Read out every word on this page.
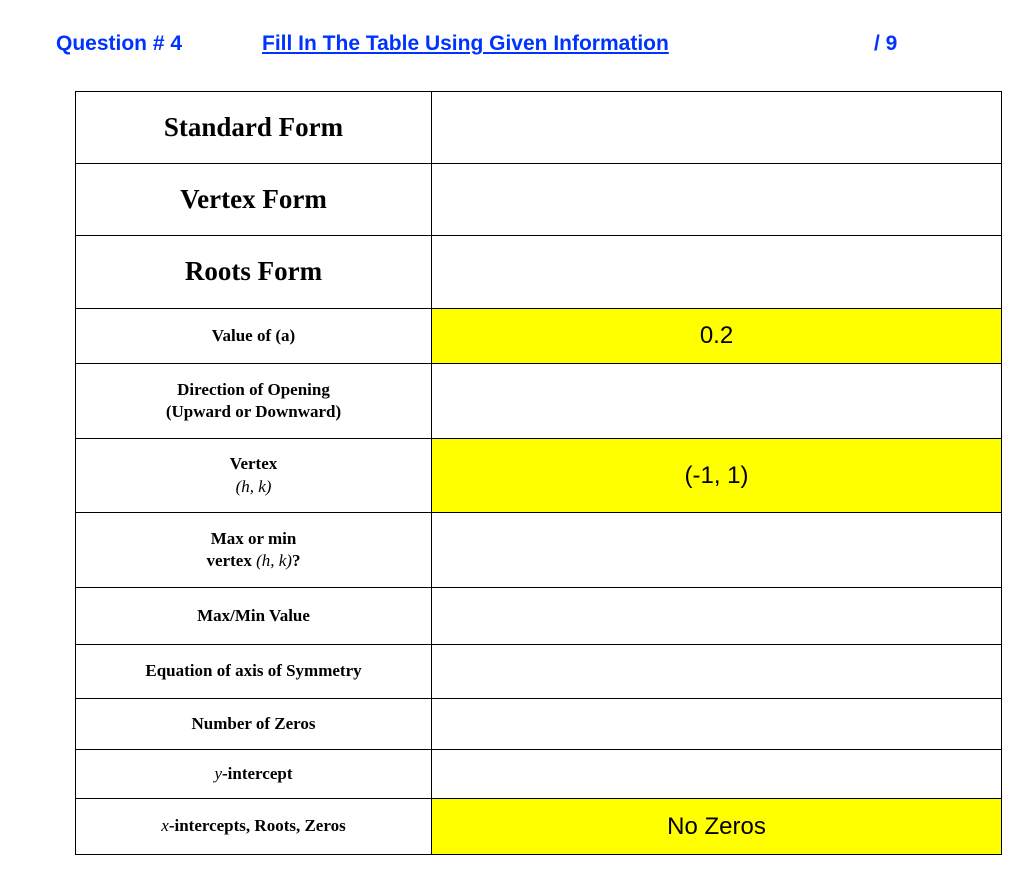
Question # 4	Fill In The Table Using Given Information	/ 9
Standard Form	
Vertex Form	
Roots Form	
Value of (a)	0.2

Direction of Opening
(Upward or Downward)	

Vertex
(h, k)	(-1, 1)

Max or min
vertex (h, k)?	

Max/Min Value	
Equation of axis of Symmetry	
Number of Zeros	
y-intercept	
x-intercepts, Roots, Zeros	No Zeros
